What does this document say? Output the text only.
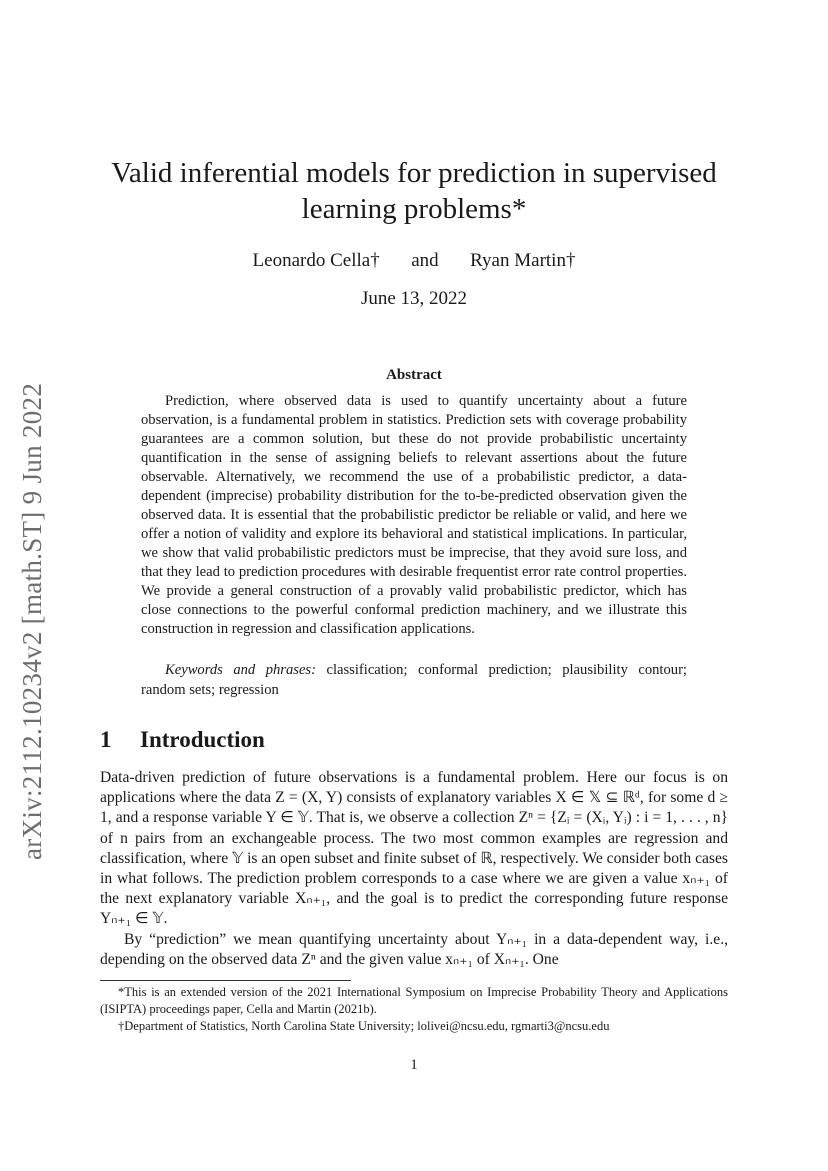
arXiv:2112.10234v2 [math.ST] 9 Jun 2022
Valid inferential models for prediction in supervised learning problems*
Leonardo Cella† and Ryan Martin†
June 13, 2022
Abstract

Prediction, where observed data is used to quantify uncertainty about a future observation, is a fundamental problem in statistics. Prediction sets with coverage probability guarantees are a common solution, but these do not provide probabilistic uncertainty quantification in the sense of assigning beliefs to relevant assertions about the future observable. Alternatively, we recommend the use of a probabilistic predictor, a data-dependent (imprecise) probability distribution for the to-be-predicted observation given the observed data. It is essential that the probabilistic predictor be reliable or valid, and here we offer a notion of validity and explore its behavioral and statistical implications. In particular, we show that valid probabilistic predictors must be imprecise, that they avoid sure loss, and that they lead to prediction procedures with desirable frequentist error rate control properties. We provide a general construction of a provably valid probabilistic predictor, which has close connections to the powerful conformal prediction machinery, and we illustrate this construction in regression and classification applications.

Keywords and phrases: classification; conformal prediction; plausibility contour; random sets; regression
1 Introduction

Data-driven prediction of future observations is a fundamental problem. Here our focus is on applications where the data Z = (X, Y) consists of explanatory variables X ∈ 𝕏 ⊆ ℝᵈ, for some d ≥ 1, and a response variable Y ∈ 𝕐. That is, we observe a collection Zⁿ = {Zᵢ = (Xᵢ, Yᵢ) : i = 1, . . . , n} of n pairs from an exchangeable process. The two most common examples are regression and classification, where 𝕐 is an open subset and finite subset of ℝ, respectively. We consider both cases in what follows. The prediction problem corresponds to a case where we are given a value xₙ₊₁ of the next explanatory variable Xₙ₊₁, and the goal is to predict the corresponding future response Yₙ₊₁ ∈ 𝕐.

By “prediction” we mean quantifying uncertainty about Yₙ₊₁ in a data-dependent way, i.e., depending on the observed data Zⁿ and the given value xₙ₊₁ of Xₙ₊₁. One

*This is an extended version of the 2021 International Symposium on Imprecise Probability Theory and Applications (ISIPTA) proceedings paper, Cella and Martin (2021b).
†Department of Statistics, North Carolina State University; lolivei@ncsu.edu, rgmarti3@ncsu.edu
1
